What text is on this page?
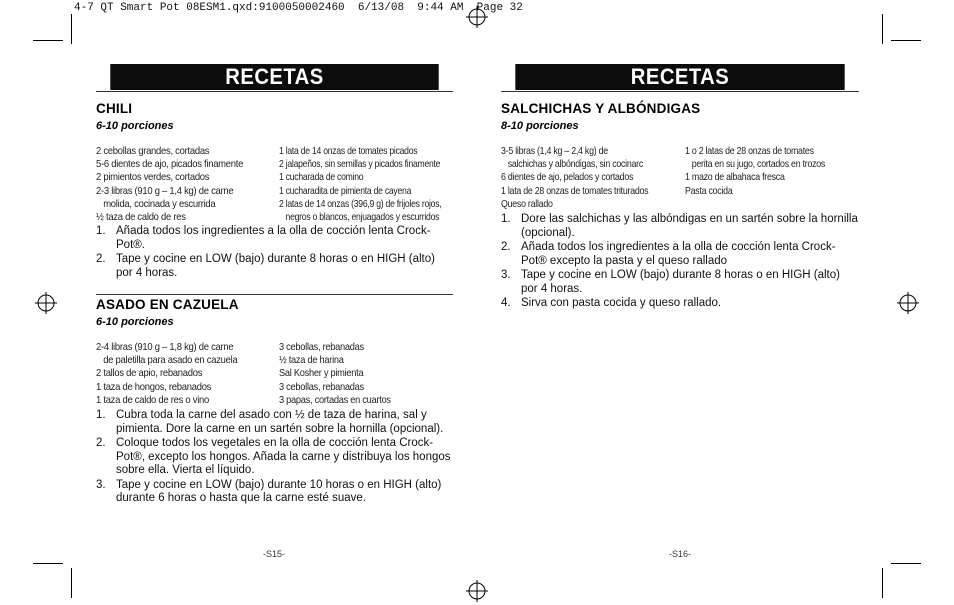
4-7 QT Smart Pot 08ESM1.qxd:9100050002460  6/13/08  9:44 AM  Page 32
RECETAS
CHILI
6-10 porciones
2 cebollas grandes, cortadas
5-6 dientes de ajo, picados finamente
2 pimientos verdes, cortados
2-3 libras (910 g – 1,4 kg) de carne
molida, cocinada y escurrida
½ taza de caldo de res
1 lata de 14 onzas de tomates picados
2 jalapeños, sin semillas y picados finamente
1 cucharada de comino
1 cucharadita de pimienta de cayena
2 latas de 14 onzas (396,9 g) de frijoles rojos,
negros o blancos, enjuagados y escurridos
1. Añada todos los ingredientes a la olla de cocción lenta Crock-Pot®.
2. Tape y cocine en LOW (bajo) durante 8 horas o en HIGH (alto) por 4 horas.
ASADO EN CAZUELA
6-10 porciones
2-4 libras (910 g – 1,8 kg) de carne
de paletilla para asado en cazuela
2 tallos de apio, rebanados
1 taza de hongos, rebanados
1 taza de caldo de res o vino
3 cebollas, rebanadas
½ taza de harina
Sal Kosher y pimienta
3 cebollas, rebanadas
3 papas, cortadas en cuartos
1. Cubra toda la carne del asado con ½ de taza de harina, sal y pimienta. Dore la carne en un sartén sobre la hornilla (opcional).
2. Coloque todos los vegetales en la olla de cocción lenta Crock-Pot®, excepto los hongos. Añada la carne y distribuya los hongos sobre ella. Vierta el líquido.
3. Tape y cocine en LOW (bajo) durante 10 horas o en HIGH (alto) durante 6 horas o hasta que la carne esté suave.
-S15-
RECETAS
SALCHICHAS Y ALBÓNDIGAS
8-10 porciones
3-5 libras (1,4 kg – 2,4 kg) de
salchichas y albóndigas, sin cocinarc
6 dientes de ajo, pelados y cortados
1 lata de 28 onzas de tomates triturados
Queso rallado
1 o 2 latas de 28 onzas de tomates
perita en su jugo, cortados en trozos
1 mazo de albahaca fresca
Pasta cocida
1. Dore las salchichas y las albóndigas en un sartén sobre la hornilla (opcional).
2. Añada todos los ingredientes a la olla de cocción lenta Crock- Pot® excepto la pasta y el queso rallado
3. Tape y cocine en LOW (bajo) durante 8 horas o en HIGH (alto) por 4 horas.
4. Sirva con pasta cocida y queso rallado.
-S16-
